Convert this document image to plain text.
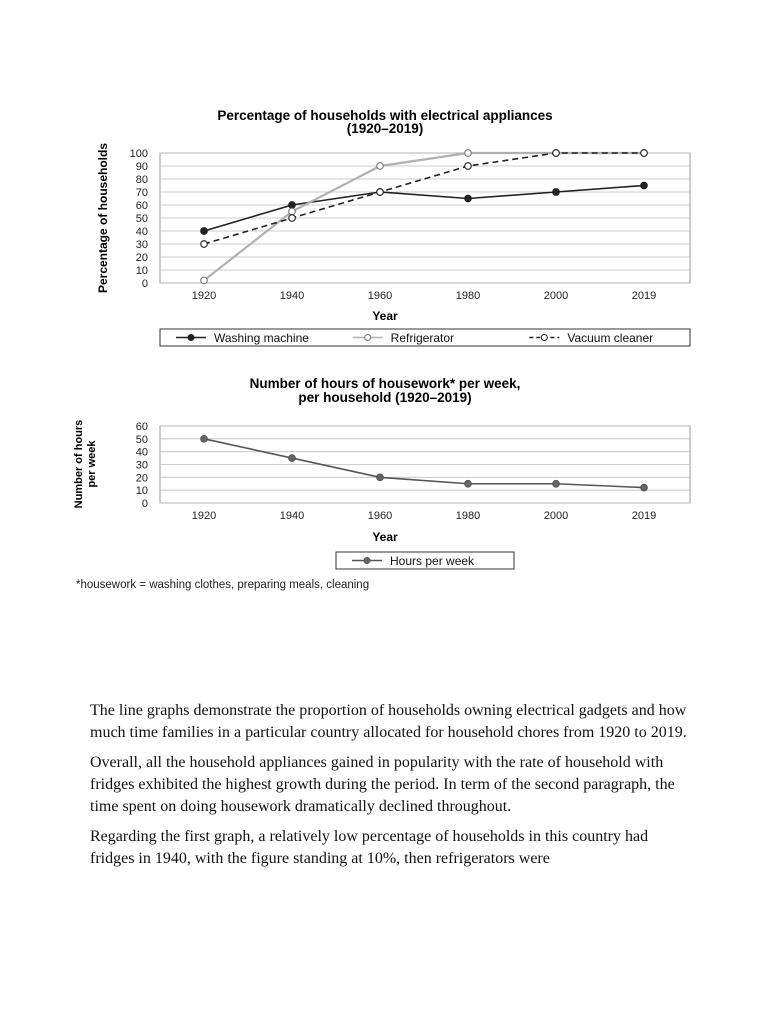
Percentage of households with electrical appliances
(1920–2019)
0
10
20
30
40
50
60
70
80
90
100
1920	1940	1960	1980	2000	2019
Year
Percentage of households
Washing machine	Refrigerator	Vacuum cleaner
Number of hours of housework* per week,
per household (1920–2019)
0
10
20
30
40
50
60
1920	1940	1960	1980	2000	2019
Year
Number of hoursper week
Hours per week
*housework = washing clothes, preparing meals, cleaning

The line graphs demonstrate the proportion of households owning electrical gadgets and how much time families in a particular country allocated for household chores from 1920 to 2019.

Overall, all the household appliances gained in popularity with the rate of household with fridges exhibited the highest growth during the period. In term of the second paragraph, the time spent on doing housework dramatically declined throughout.

Regarding the first graph, a relatively low percentage of households in this country had fridges in 1940, with the figure standing at 10%, then refrigerators were
